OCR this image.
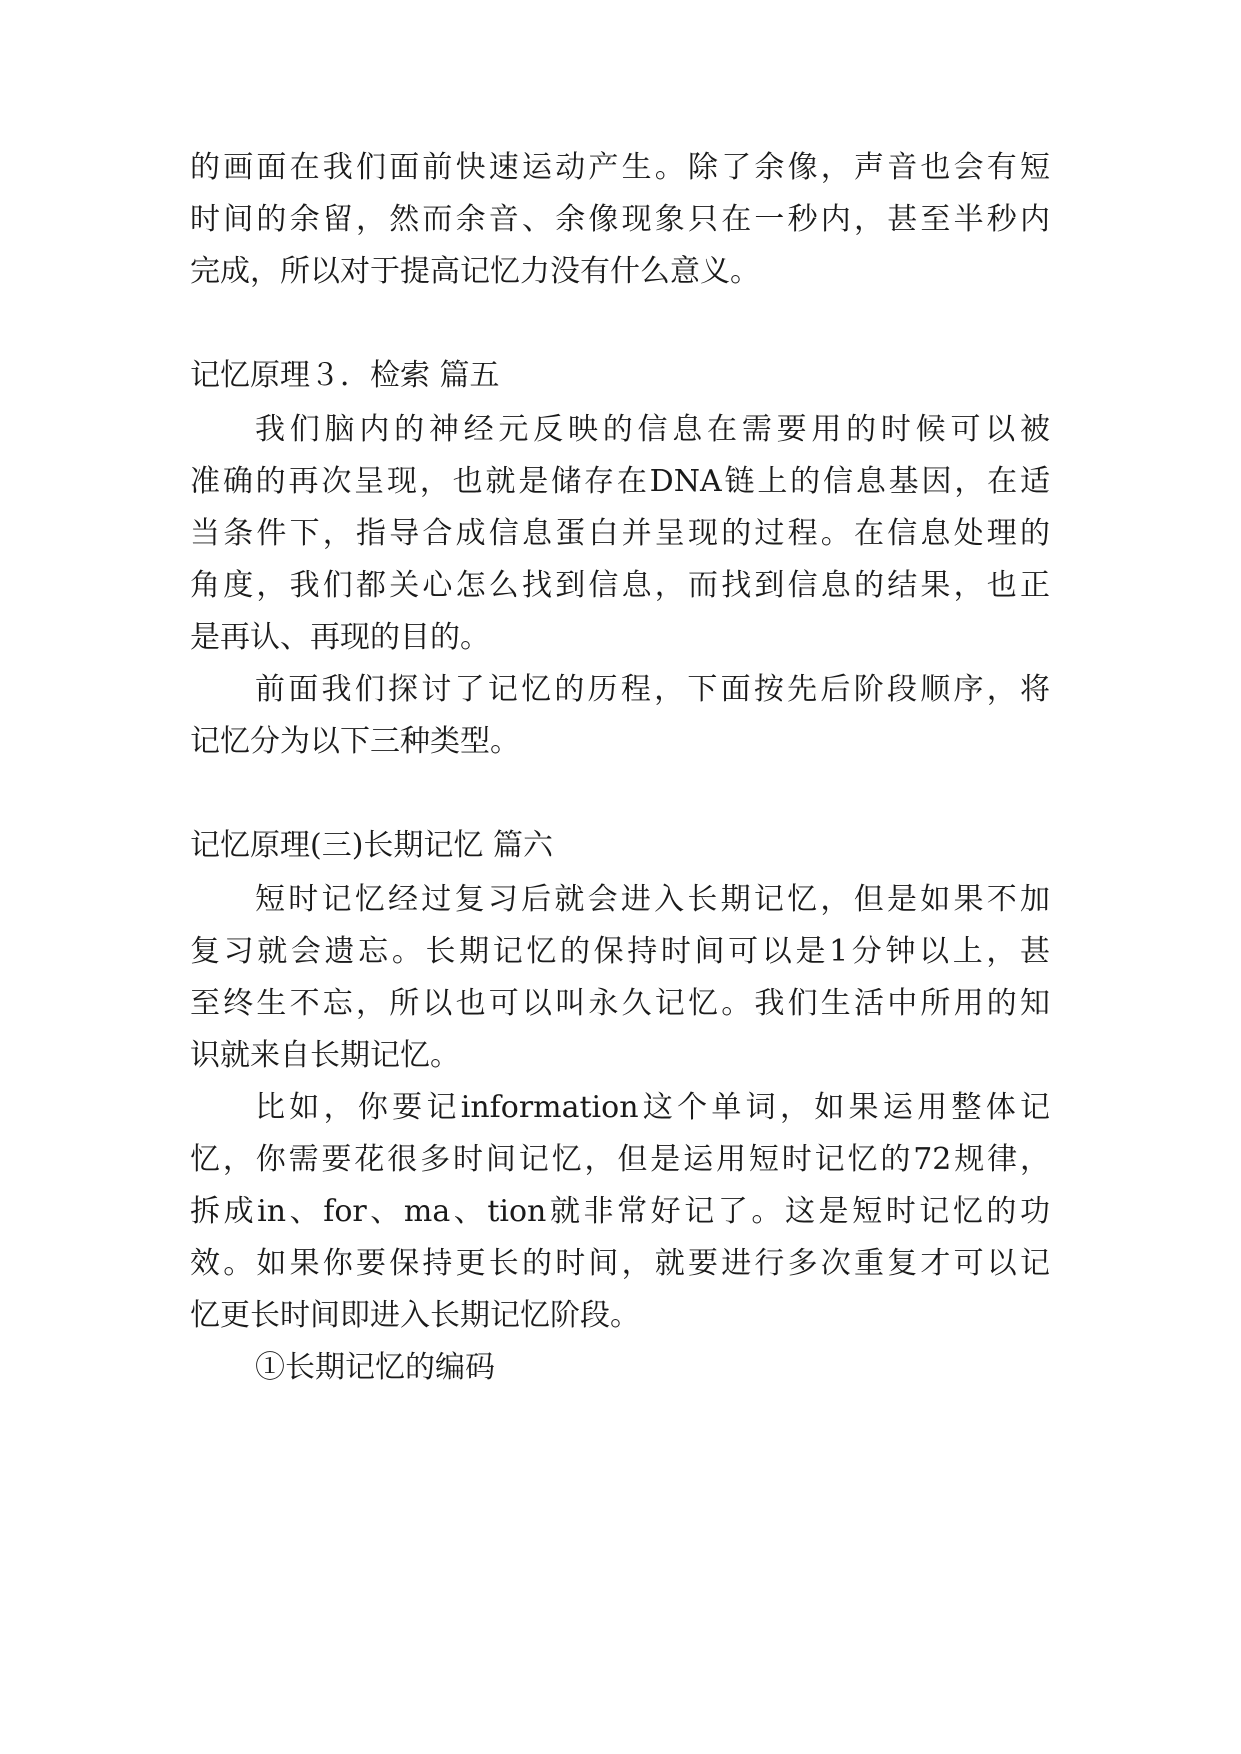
的画面在我们面前快速运动产生。除了余像，声音也会有短
时间的余留，然而余音、余像现象只在一秒内，甚至半秒内
完成，所以对于提高记忆力没有什么意义。
记忆原理３．检索 篇五
我们脑内的神经元反映的信息在需要用的时候可以被
准确的再次呈现，也就是储存在DNA链上的信息基因，在适
当条件下，指导合成信息蛋白并呈现的过程。在信息处理的
角度，我们都关心怎么找到信息，而找到信息的结果，也正
是再认、再现的目的。
前面我们探讨了记忆的历程，下面按先后阶段顺序，将
记忆分为以下三种类型。
记忆原理(三)长期记忆 篇六
短时记忆经过复习后就会进入长期记忆，但是如果不加
复习就会遗忘。长期记忆的保持时间可以是1分钟以上，甚
至终生不忘，所以也可以叫永久记忆。我们生活中所用的知
识就来自长期记忆。
比如，你要记information这个单词，如果运用整体记
忆，你需要花很多时间记忆，但是运用短时记忆的72规律，
拆成in、for、ma、tion就非常好记了。这是短时记忆的功
效。如果你要保持更长的时间，就要进行多次重复才可以记
忆更长时间即进入长期记忆阶段。
①长期记忆的编码
